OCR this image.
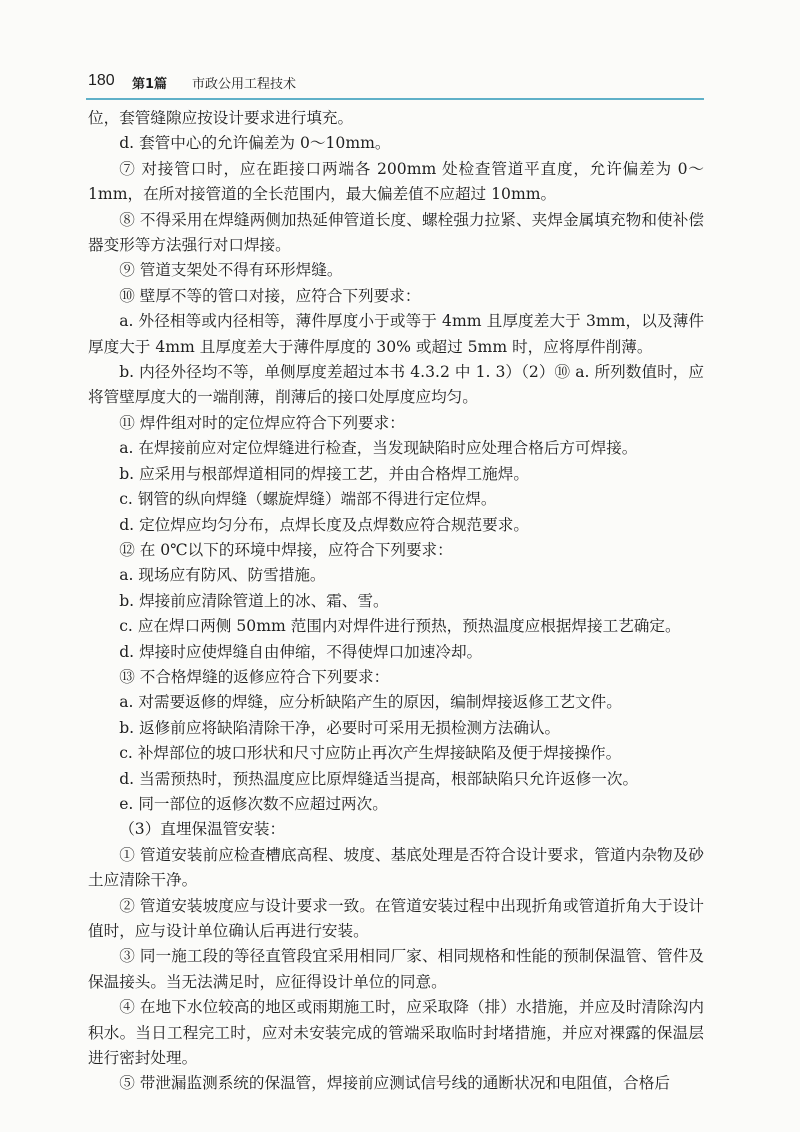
180 第1篇 市政公用工程技术

位，套管缝隙应按设计要求进行填充。

d. 套管中心的允许偏差为 0～10mm。

⑦ 对接管口时，应在距接口两端各 200mm 处检查管道平直度，允许偏差为 0～1mm，在所对接管道的全长范围内，最大偏差值不应超过 10mm。

⑧ 不得采用在焊缝两侧加热延伸管道长度、螺栓强力拉紧、夹焊金属填充物和使补偿器变形等方法强行对口焊接。

⑨ 管道支架处不得有环形焊缝。

⑩ 壁厚不等的管口对接，应符合下列要求：

a. 外径相等或内径相等，薄件厚度小于或等于 4mm 且厚度差大于 3mm，以及薄件厚度大于 4mm 且厚度差大于薄件厚度的 30% 或超过 5mm 时，应将厚件削薄。

b. 内径外径均不等，单侧厚度差超过本书 4.3.2 中 1. 3）（2）⑩ a. 所列数值时，应将管壁厚度大的一端削薄，削薄后的接口处厚度应均匀。

⑪ 焊件组对时的定位焊应符合下列要求：

a. 在焊接前应对定位焊缝进行检查，当发现缺陷时应处理合格后方可焊接。

b. 应采用与根部焊道相同的焊接工艺，并由合格焊工施焊。

c. 钢管的纵向焊缝（螺旋焊缝）端部不得进行定位焊。

d. 定位焊应均匀分布，点焊长度及点焊数应符合规范要求。

⑫ 在 0℃以下的环境中焊接，应符合下列要求：

a. 现场应有防风、防雪措施。

b. 焊接前应清除管道上的冰、霜、雪。

c. 应在焊口两侧 50mm 范围内对焊件进行预热，预热温度应根据焊接工艺确定。

d. 焊接时应使焊缝自由伸缩，不得使焊口加速冷却。

⑬ 不合格焊缝的返修应符合下列要求：

a. 对需要返修的焊缝，应分析缺陷产生的原因，编制焊接返修工艺文件。

b. 返修前应将缺陷清除干净，必要时可采用无损检测方法确认。

c. 补焊部位的坡口形状和尺寸应防止再次产生焊接缺陷及便于焊接操作。

d. 当需预热时，预热温度应比原焊缝适当提高，根部缺陷只允许返修一次。

e. 同一部位的返修次数不应超过两次。

（3）直埋保温管安装：

① 管道安装前应检查槽底高程、坡度、基底处理是否符合设计要求，管道内杂物及砂土应清除干净。

② 管道安装坡度应与设计要求一致。在管道安装过程中出现折角或管道折角大于设计值时，应与设计单位确认后再进行安装。

③ 同一施工段的等径直管段宜采用相同厂家、相同规格和性能的预制保温管、管件及保温接头。当无法满足时，应征得设计单位的同意。

④ 在地下水位较高的地区或雨期施工时，应采取降（排）水措施，并应及时清除沟内积水。当日工程完工时，应对未安装完成的管端采取临时封堵措施，并应对裸露的保温层进行密封处理。

⑤ 带泄漏监测系统的保温管，焊接前应测试信号线的通断状况和电阻值，合格后
